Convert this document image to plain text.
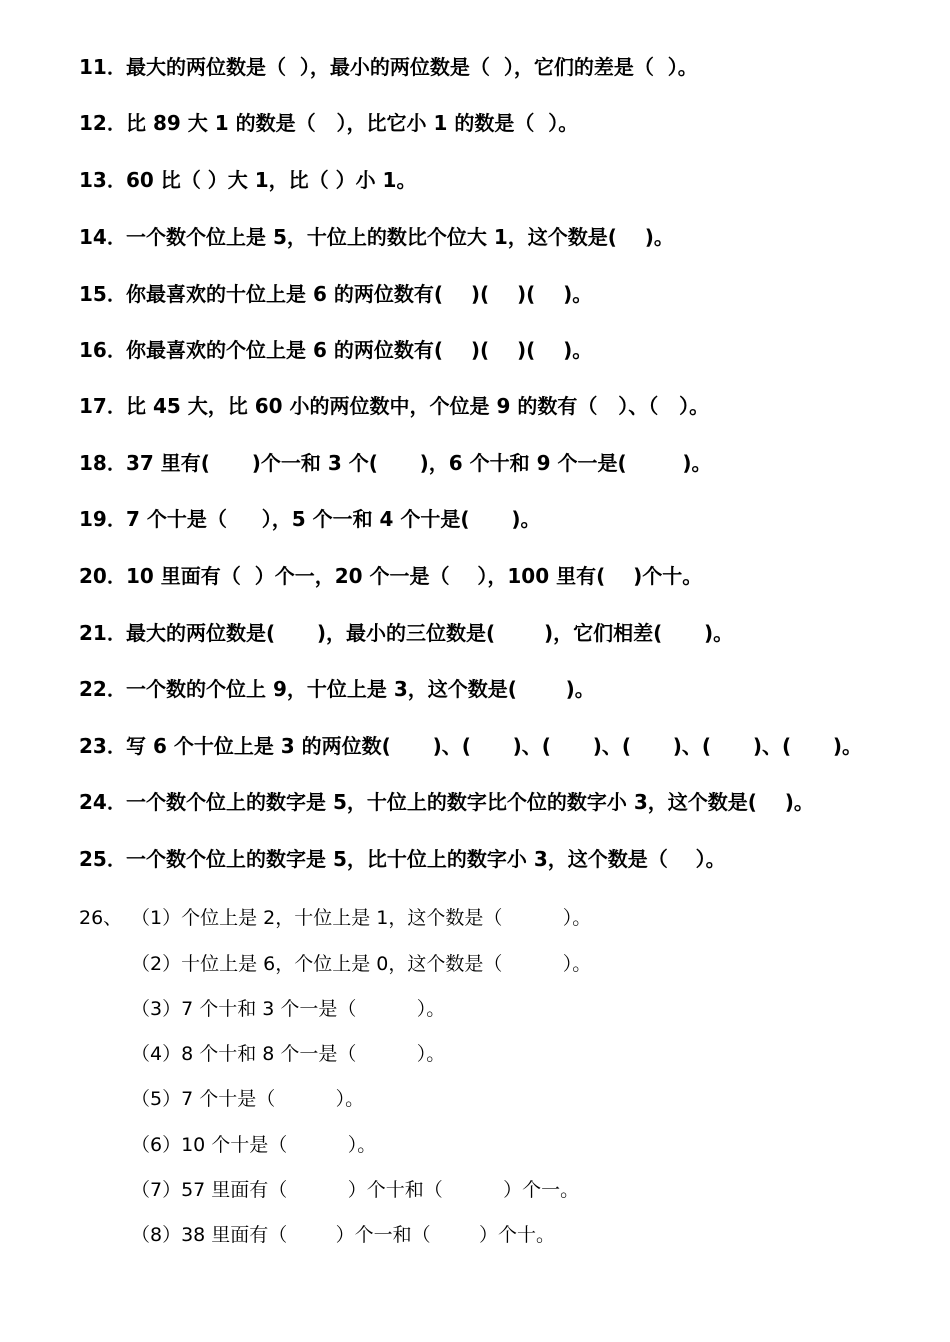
11．最大的两位数是（  ），最小的两位数是（  ），它们的差是（  ）。
12．比 89 大 1 的数是（   ），比它小 1 的数是（  ）。
13．60 比（ ）大 1，比（ ）小 1。
14．一个数个位上是 5，十位上的数比个位大 1，这个数是(    )。
15．你最喜欢的十位上是 6 的两位数有(    )(    )(    )。
16．你最喜欢的个位上是 6 的两位数有(    )(    )(    )。
17．比 45 大，比 60 小的两位数中，个位是 9 的数有（   ）、（   ）。
18．37 里有(      )个一和 3 个(      )，6 个十和 9 个一是(        )。
19．7 个十是（     ），5 个一和 4 个十是(      )。
20．10 里面有（  ）个一，20 个一是（    ），100 里有(    )个十。
21．最大的两位数是(      )，最小的三位数是(       )，它们相差(      )。
22．一个数的个位上 9，十位上是 3，这个数是(       )。
23．写 6 个十位上是 3 的两位数(      )、(      )、(      )、(      )、(      )、(      )。
24．一个数个位上的数字是 5，十位上的数字比个位的数字小 3，这个数是(    )。
25．一个数个位上的数字是 5，比十位上的数字小 3，这个数是（    ）。
26、 （1）个位上是 2，十位上是 1，这个数是（          ）。
（2）十位上是 6，个位上是 0，这个数是（          ）。
（3）7 个十和 3 个一是（          ）。
（4）8 个十和 8 个一是（          ）。
（5）7 个十是（          ）。
（6）10 个十是（          ）。
（7）57 里面有（          ）个十和（          ）个一。
（8）38 里面有（        ）个一和（        ）个十。
